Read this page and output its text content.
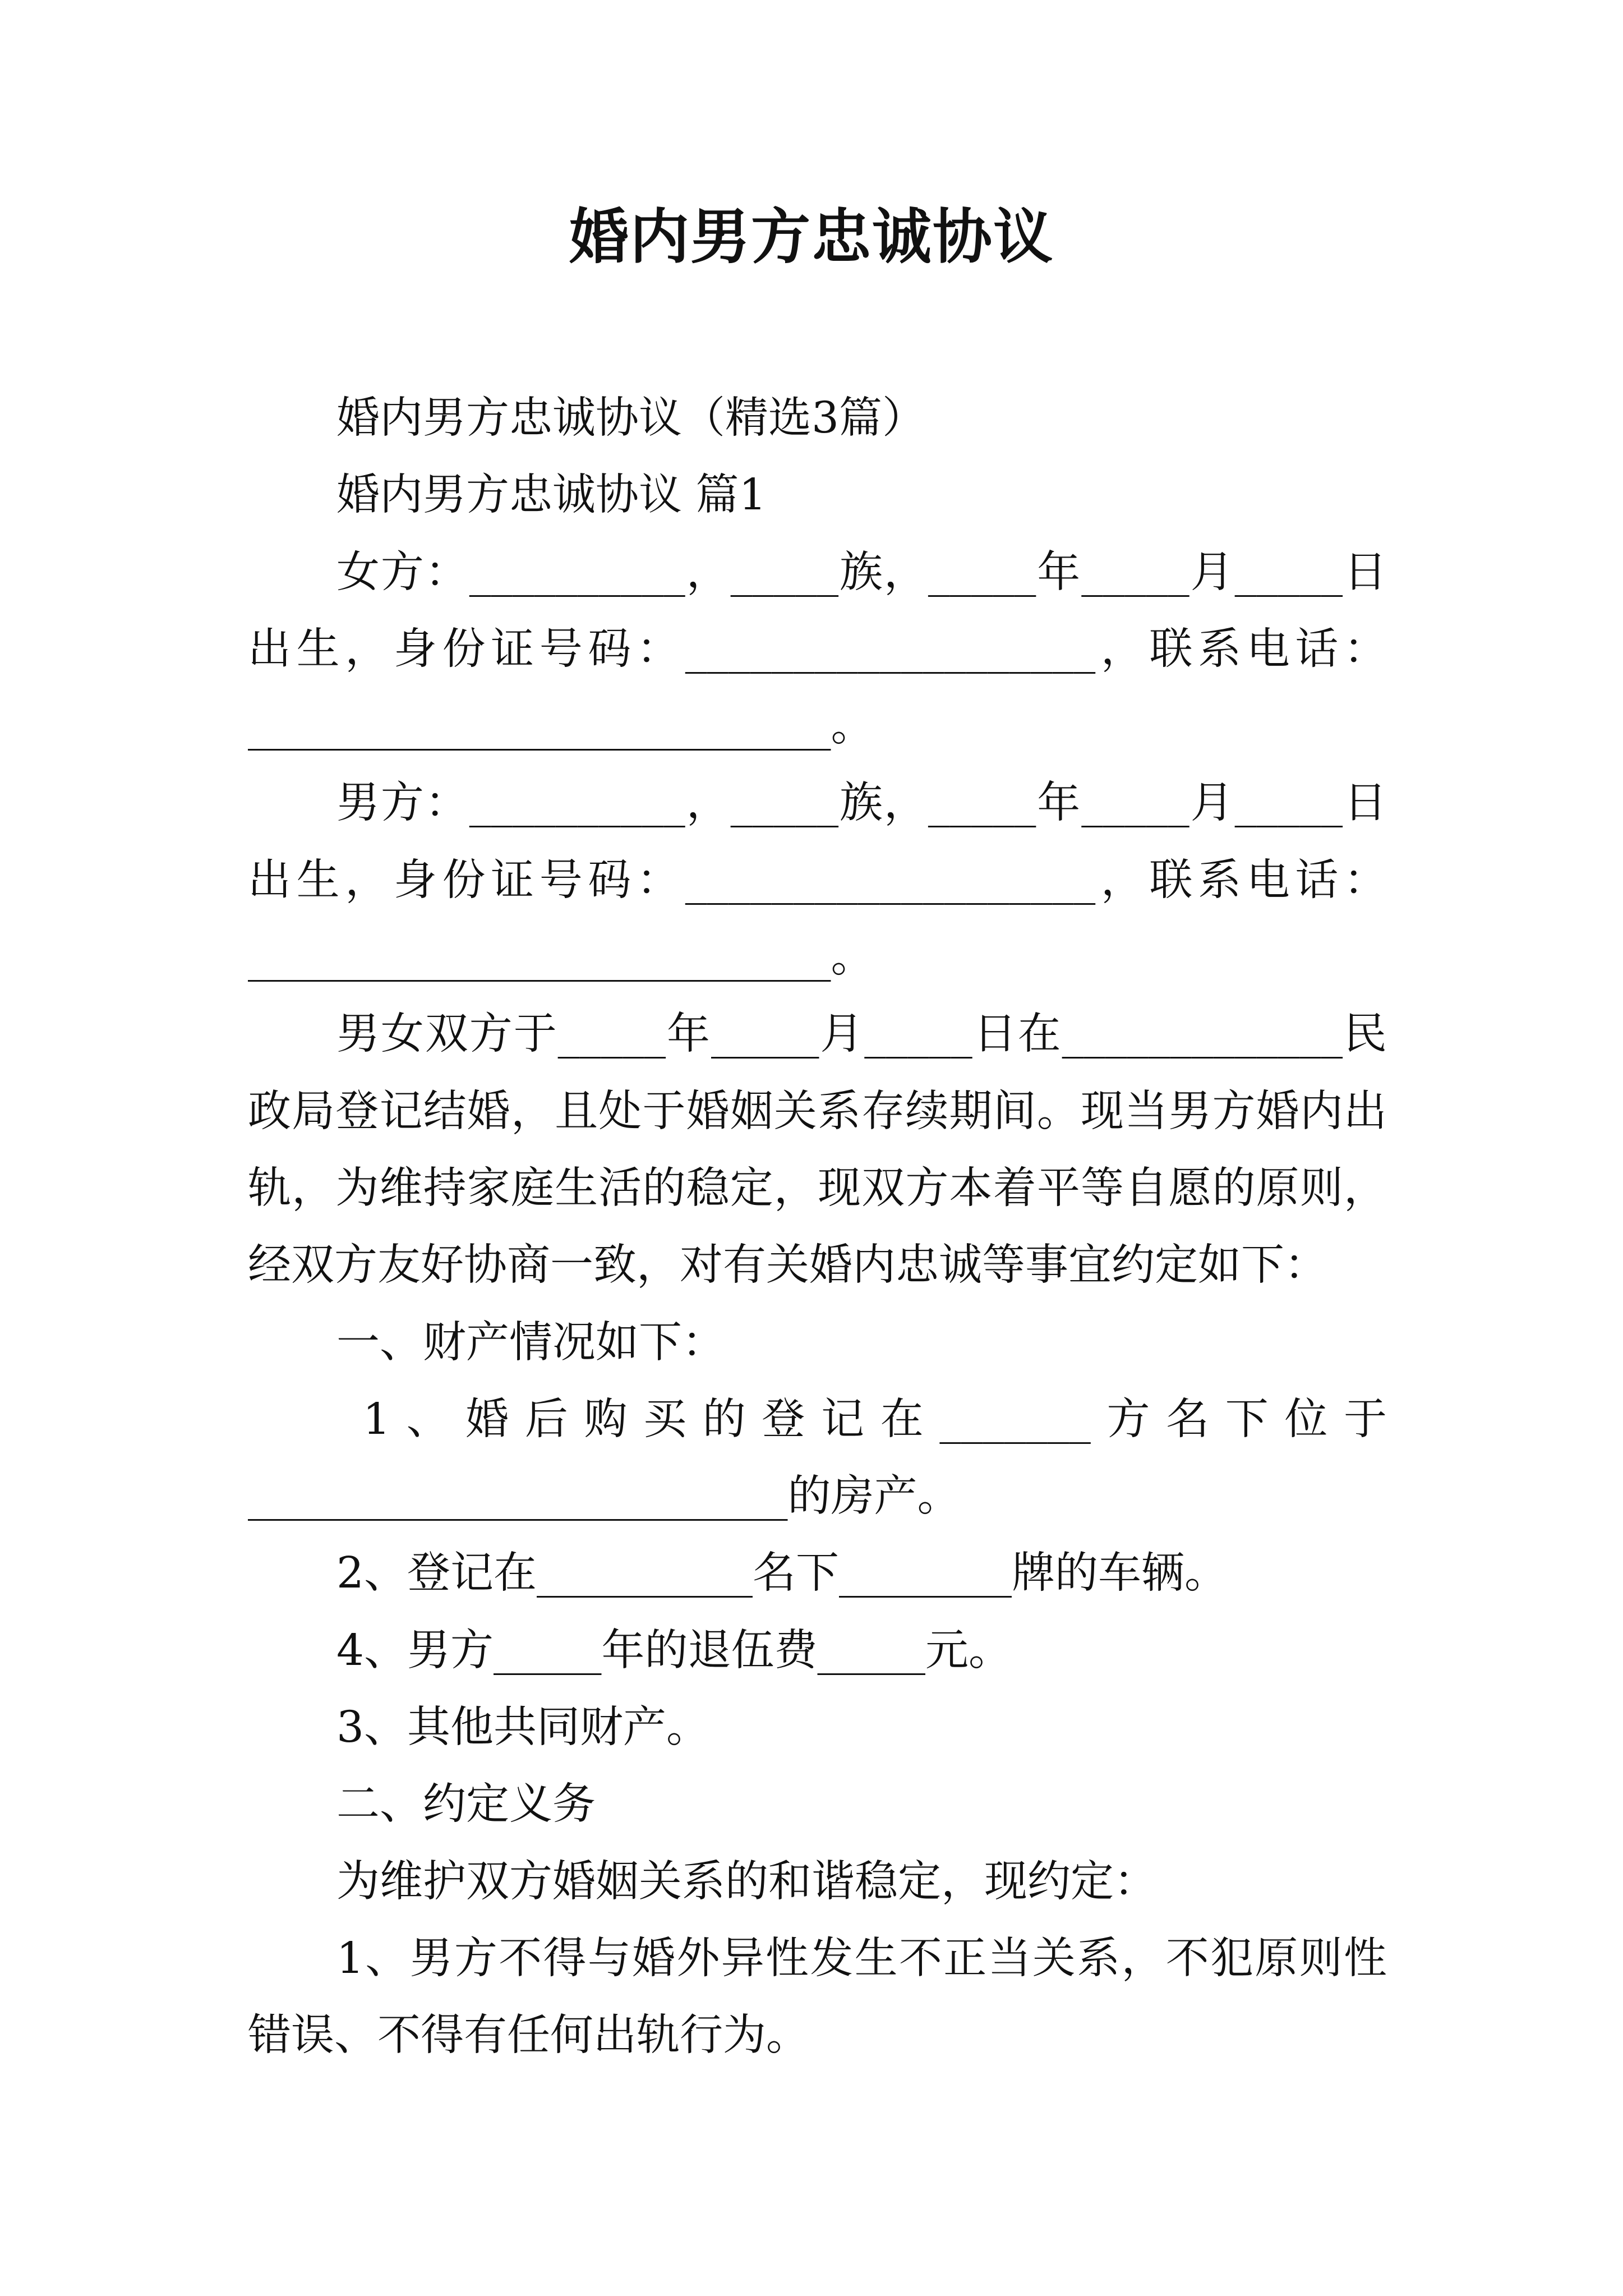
婚内男方忠诚协议
婚内男方忠诚协议（精选3篇）
婚内男方忠诚协议 篇1
女方：__________，_____族，_____年_____月_____日
出生，身份证号码：___________________，联系电话：
___________________________。
男方：__________，_____族，_____年_____月_____日
出生，身份证号码：___________________，联系电话：
___________________________。
男女双方于_____年_____月_____日在_____________民
政局登记结婚，且处于婚姻关系存续期间。现当男方婚内出
轨，为维持家庭生活的稳定，现双方本着平等自愿的原则，
经双方友好协商一致，对有关婚内忠诚等事宜约定如下：
一、财产情况如下：
1、婚后购买的登记在_______方名下位于
_________________________的房产。
2、登记在__________名下________牌的车辆。
4、男方_____年的退伍费_____元。
3、其他共同财产。
二、约定义务
为维护双方婚姻关系的和谐稳定，现约定：
1、男方不得与婚外异性发生不正当关系，不犯原则性
错误、不得有任何出轨行为。
